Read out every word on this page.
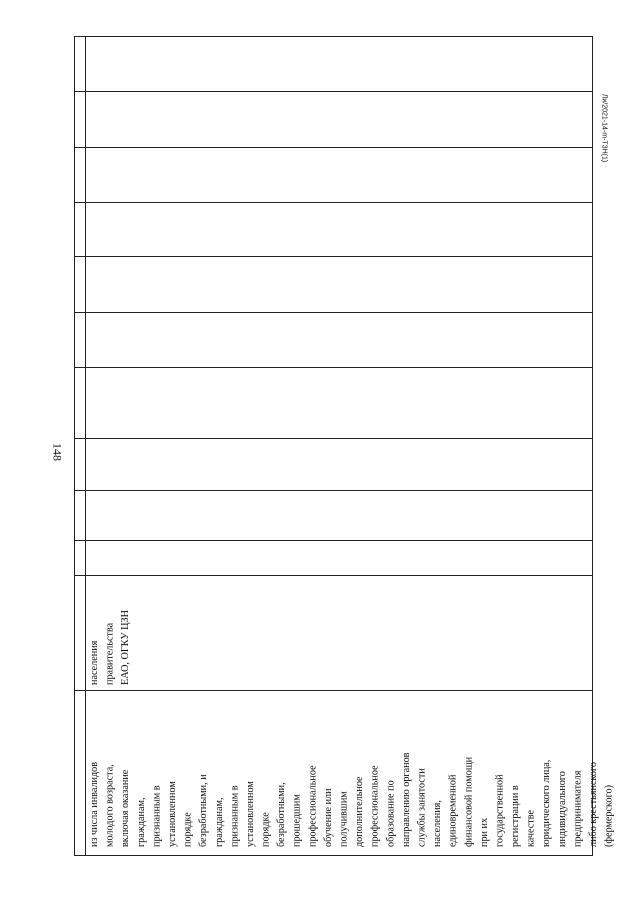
148
Ли/2021-14-m-T3H(1)
из числа инвалидов молодого возраста, включая оказание гражданам, признанным в установленном порядке безработными, и гражданам, признанным в установленном порядке безработными, прошедшим профессиональное обучение или получившим дополнительное профессиональное образование по направлению органов службы занятости населения, единовременной финансовой помощи при их государственной регистрации в качестве юридического лица, индивидуального предпринимателя либо крестьянского (фермерского)
населения правительства ЕАО, ОГКУ ЦЗН
